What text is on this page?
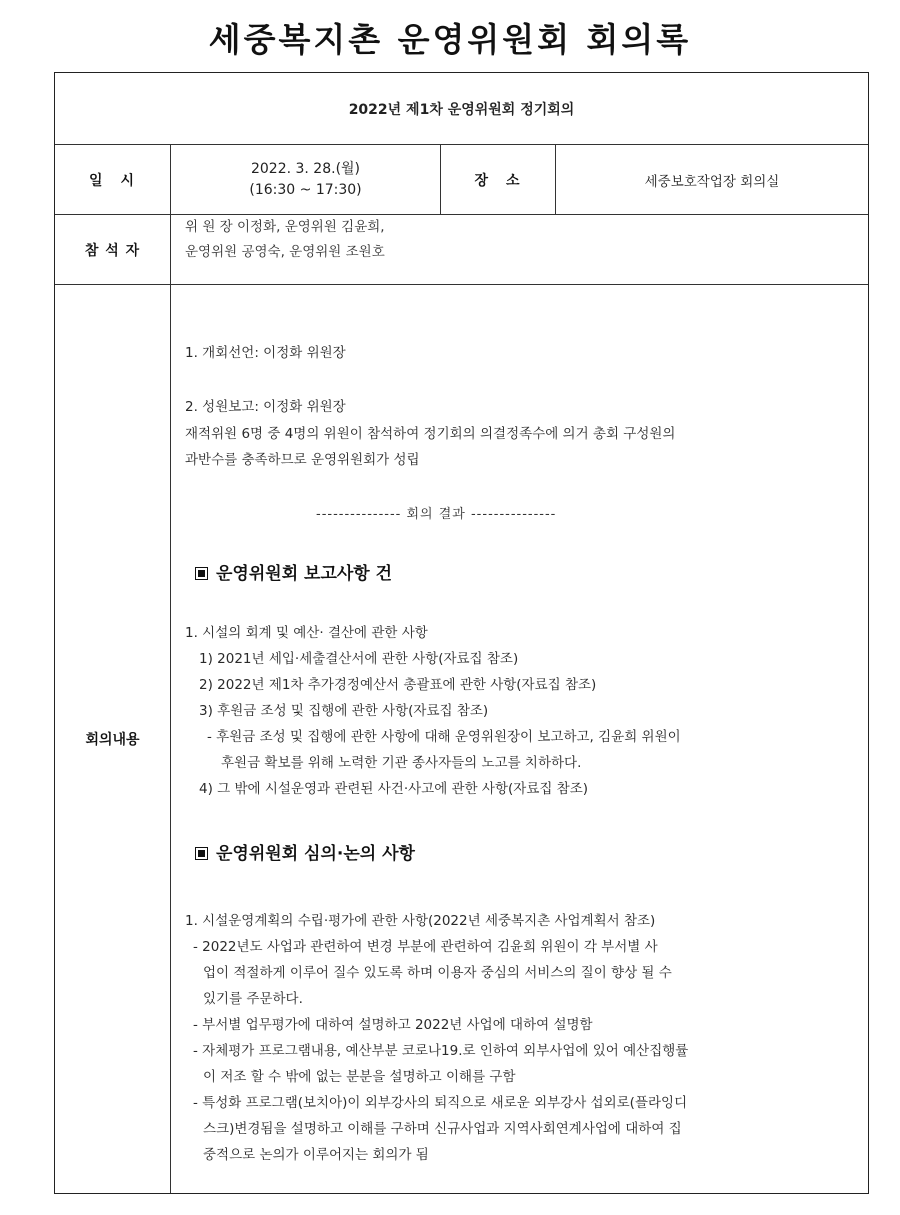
세중복지촌 운영위원회 회의록
2022년 제1차 운영위원회 정기회의
일　시
2022. 3. 28.(월)
(16:30 ~ 17:30)
장　소	세중보호작업장 회의실
참 석 자
위 원 장 이정화, 운영위원 김윤희,
운영위원 공영숙, 운영위원 조원호
회의내용
1. 개회선언: 이정화 위원장
2. 성원보고: 이정화 위원장
재적위원 6명 중 4명의 위원이 참석하여 정기회의 의결정족수에 의거 총회 구성원의
과반수를 충족하므로 운영위원회가 성립
--------------- 회의 결과 ---------------
운영위원회 보고사항 건
1. 시설의 회계 및 예산· 결산에 관한 사항
1) 2021년 세입·세출결산서에 관한 사항(자료집 참조)
2) 2022년 제1차 추가경정예산서 총괄표에 관한 사항(자료집 참조)
3) 후원금 조성 및 집행에 관한 사항(자료집 참조)
- 후원금 조성 및 집행에 관한 사항에 대해 운영위원장이 보고하고, 김윤희 위원이
후원금 확보를 위해 노력한 기관 종사자들의 노고를 치하하다.
4) 그 밖에 시설운영과 관련된 사건·사고에 관한 사항(자료집 참조)
운영위원회 심의·논의 사항
1. 시설운영계획의 수립·평가에 관한 사항(2022년 세중복지촌 사업계획서 참조)
- 2022년도 사업과 관련하여 변경 부분에 관련하여 김윤희 위원이 각 부서별 사
업이 적절하게 이루어 질수 있도록 하며 이용자 중심의 서비스의 질이 향상 될 수
있기를 주문하다.
- 부서별 업무평가에 대하여 설명하고 2022년 사업에 대하여 설명함
- 자체평가 프로그램내용, 예산부분 코로나19.로 인하여 외부사업에 있어 예산집행률
이 저조 할 수 밖에 없는 분분을 설명하고 이해를 구함
- 특성화 프로그램(보치아)이 외부강사의 퇴직으로 새로운 외부강사 섭외로(플라잉디
스크)변경됨을 설명하고 이해를 구하며 신규사업과 지역사회연계사업에 대하여 집
중적으로 논의가 이루어지는 회의가 됨
